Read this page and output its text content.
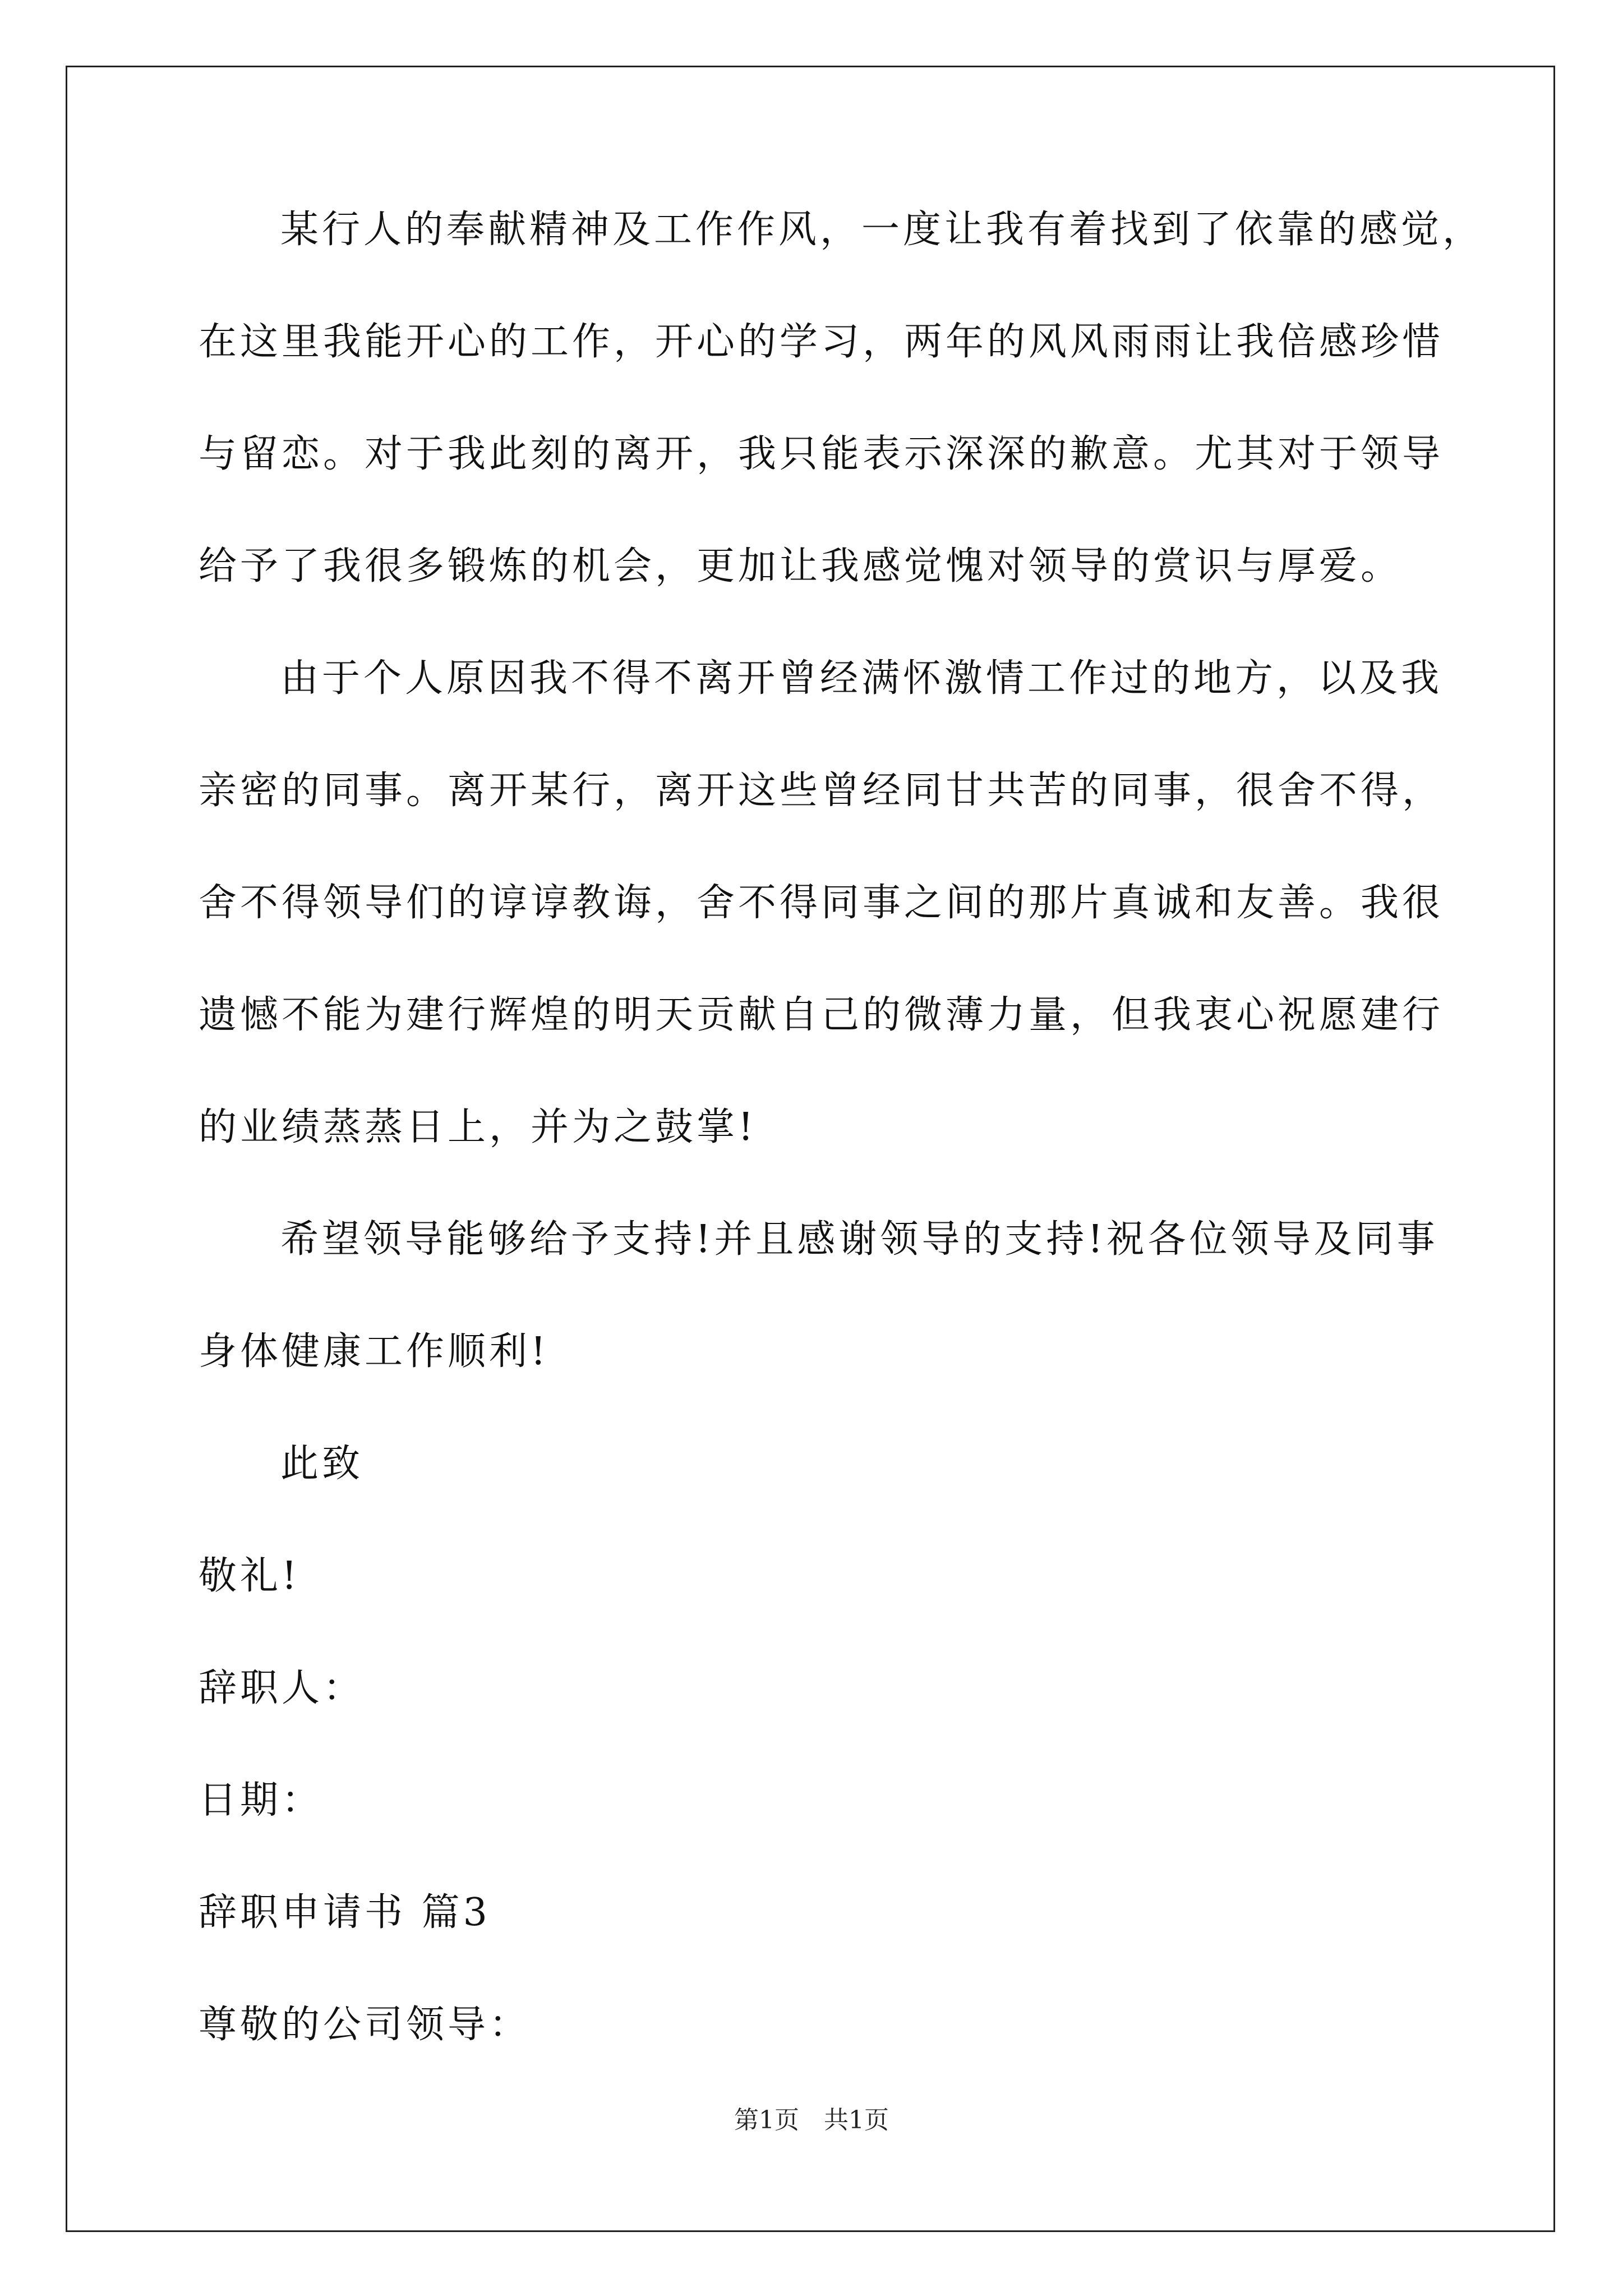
某行人的奉献精神及工作作风，一度让我有着找到了依靠的感觉，
在这里我能开心的工作，开心的学习，两年的风风雨雨让我倍感珍惜
与留恋。对于我此刻的离开，我只能表示深深的歉意。尤其对于领导
给予了我很多锻炼的机会，更加让我感觉愧对领导的赏识与厚爱。
由于个人原因我不得不离开曾经满怀激情工作过的地方，以及我
亲密的同事。离开某行，离开这些曾经同甘共苦的同事，很舍不得，
舍不得领导们的谆谆教诲，舍不得同事之间的那片真诚和友善。我很
遗憾不能为建行辉煌的明天贡献自己的微薄力量，但我衷心祝愿建行
的业绩蒸蒸日上，并为之鼓掌!
希望领导能够给予支持!并且感谢领导的支持!祝各位领导及同事
身体健康工作顺利!
此致
敬礼!
辞职人：
日期：
辞职申请书 篇3
尊敬的公司领导：
第1页　共1页
